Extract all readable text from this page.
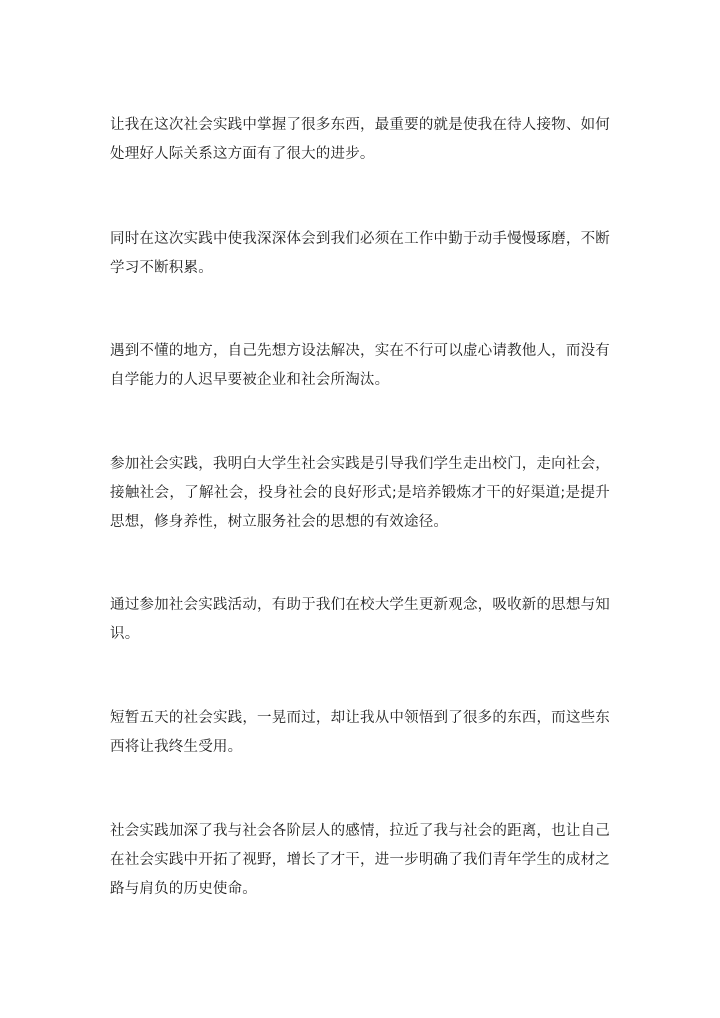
让我在这次社会实践中掌握了很多东西，最重要的就是使我在待人接物、如何处理好人际关系这方面有了很大的进步。

同时在这次实践中使我深深体会到我们必须在工作中勤于动手慢慢琢磨，不断学习不断积累。

遇到不懂的地方，自己先想方设法解决，实在不行可以虚心请教他人，而没有自学能力的人迟早要被企业和社会所淘汰。

参加社会实践，我明白大学生社会实践是引导我们学生走出校门，走向社会，接触社会，了解社会，投身社会的良好形式;是培养锻炼才干的好渠道;是提升思想，修身养性，树立服务社会的思想的有效途径。

通过参加社会实践活动，有助于我们在校大学生更新观念，吸收新的思想与知识。

短暂五天的社会实践，一晃而过，却让我从中领悟到了很多的东西，而这些东西将让我终生受用。

社会实践加深了我与社会各阶层人的感情，拉近了我与社会的距离，也让自己在社会实践中开拓了视野，增长了才干，进一步明确了我们青年学生的成材之路与肩负的历史使命。
